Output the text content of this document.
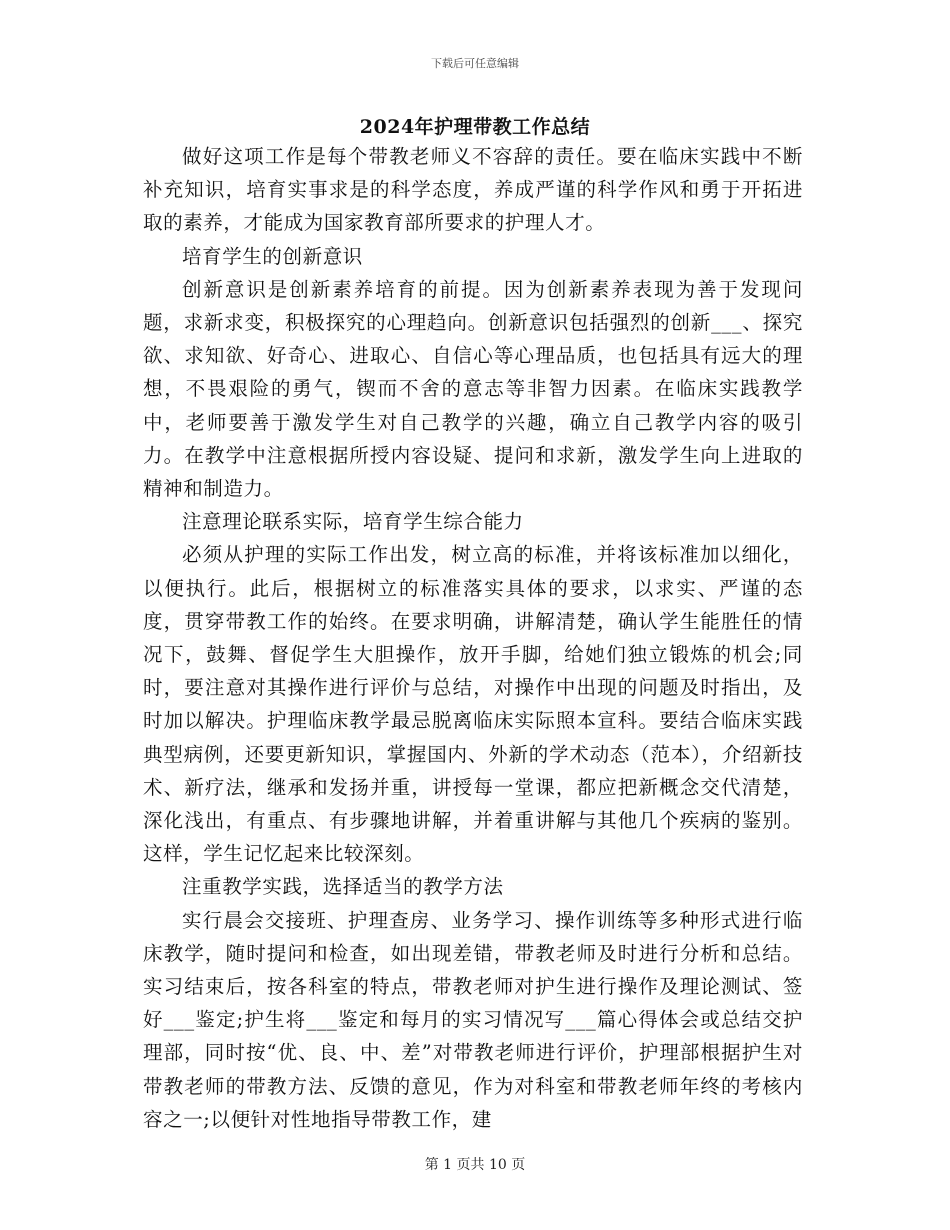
下载后可任意编辑
2024年护理带教工作总结

做好这项工作是每个带教老师义不容辞的责任。要在临床实践中不断补充知识，培育实事求是的科学态度，养成严谨的科学作风和勇于开拓进取的素养，才能成为国家教育部所要求的护理人才。

培育学生的创新意识

创新意识是创新素养培育的前提。因为创新素养表现为善于发现问题，求新求变，积极探究的心理趋向。创新意识包括强烈的创新___、探究欲、求知欲、好奇心、进取心、自信心等心理品质，也包括具有远大的理想，不畏艰险的勇气，锲而不舍的意志等非智力因素。在临床实践教学中，老师要善于激发学生对自己教学的兴趣，确立自己教学内容的吸引力。在教学中注意根据所授内容设疑、提问和求新，激发学生向上进取的精神和制造力。

注意理论联系实际，培育学生综合能力

必须从护理的实际工作出发，树立高的标准，并将该标准加以细化，以便执行。此后，根据树立的标准落实具体的要求，以求实、严谨的态度，贯穿带教工作的始终。在要求明确，讲解清楚，确认学生能胜任的情况下，鼓舞、督促学生大胆操作，放开手脚，给她们独立锻炼的机会;同时，要注意对其操作进行评价与总结，对操作中出现的问题及时指出，及时加以解决。护理临床教学最忌脱离临床实际照本宣科。要结合临床实践典型病例，还要更新知识，掌握国内、外新的学术动态（范本），介绍新技术、新疗法，继承和发扬并重，讲授每一堂课，都应把新概念交代清楚，深化浅出，有重点、有步骤地讲解，并着重讲解与其他几个疾病的鉴别。这样，学生记忆起来比较深刻。

注重教学实践，选择适当的教学方法

实行晨会交接班、护理查房、业务学习、操作训练等多种形式进行临床教学，随时提问和检查，如出现差错，带教老师及时进行分析和总结。实习结束后，按各科室的特点，带教老师对护生进行操作及理论测试、签好___鉴定;护生将___鉴定和每月的实习情况写___篇心得体会或总结交护理部，同时按“优、良、中、差”对带教老师进行评价，护理部根据护生对带教老师的带教方法、反馈的意见，作为对科室和带教老师年终的考核内容之一;以便针对性地指导带教工作，建

第 1 页共 10 页
